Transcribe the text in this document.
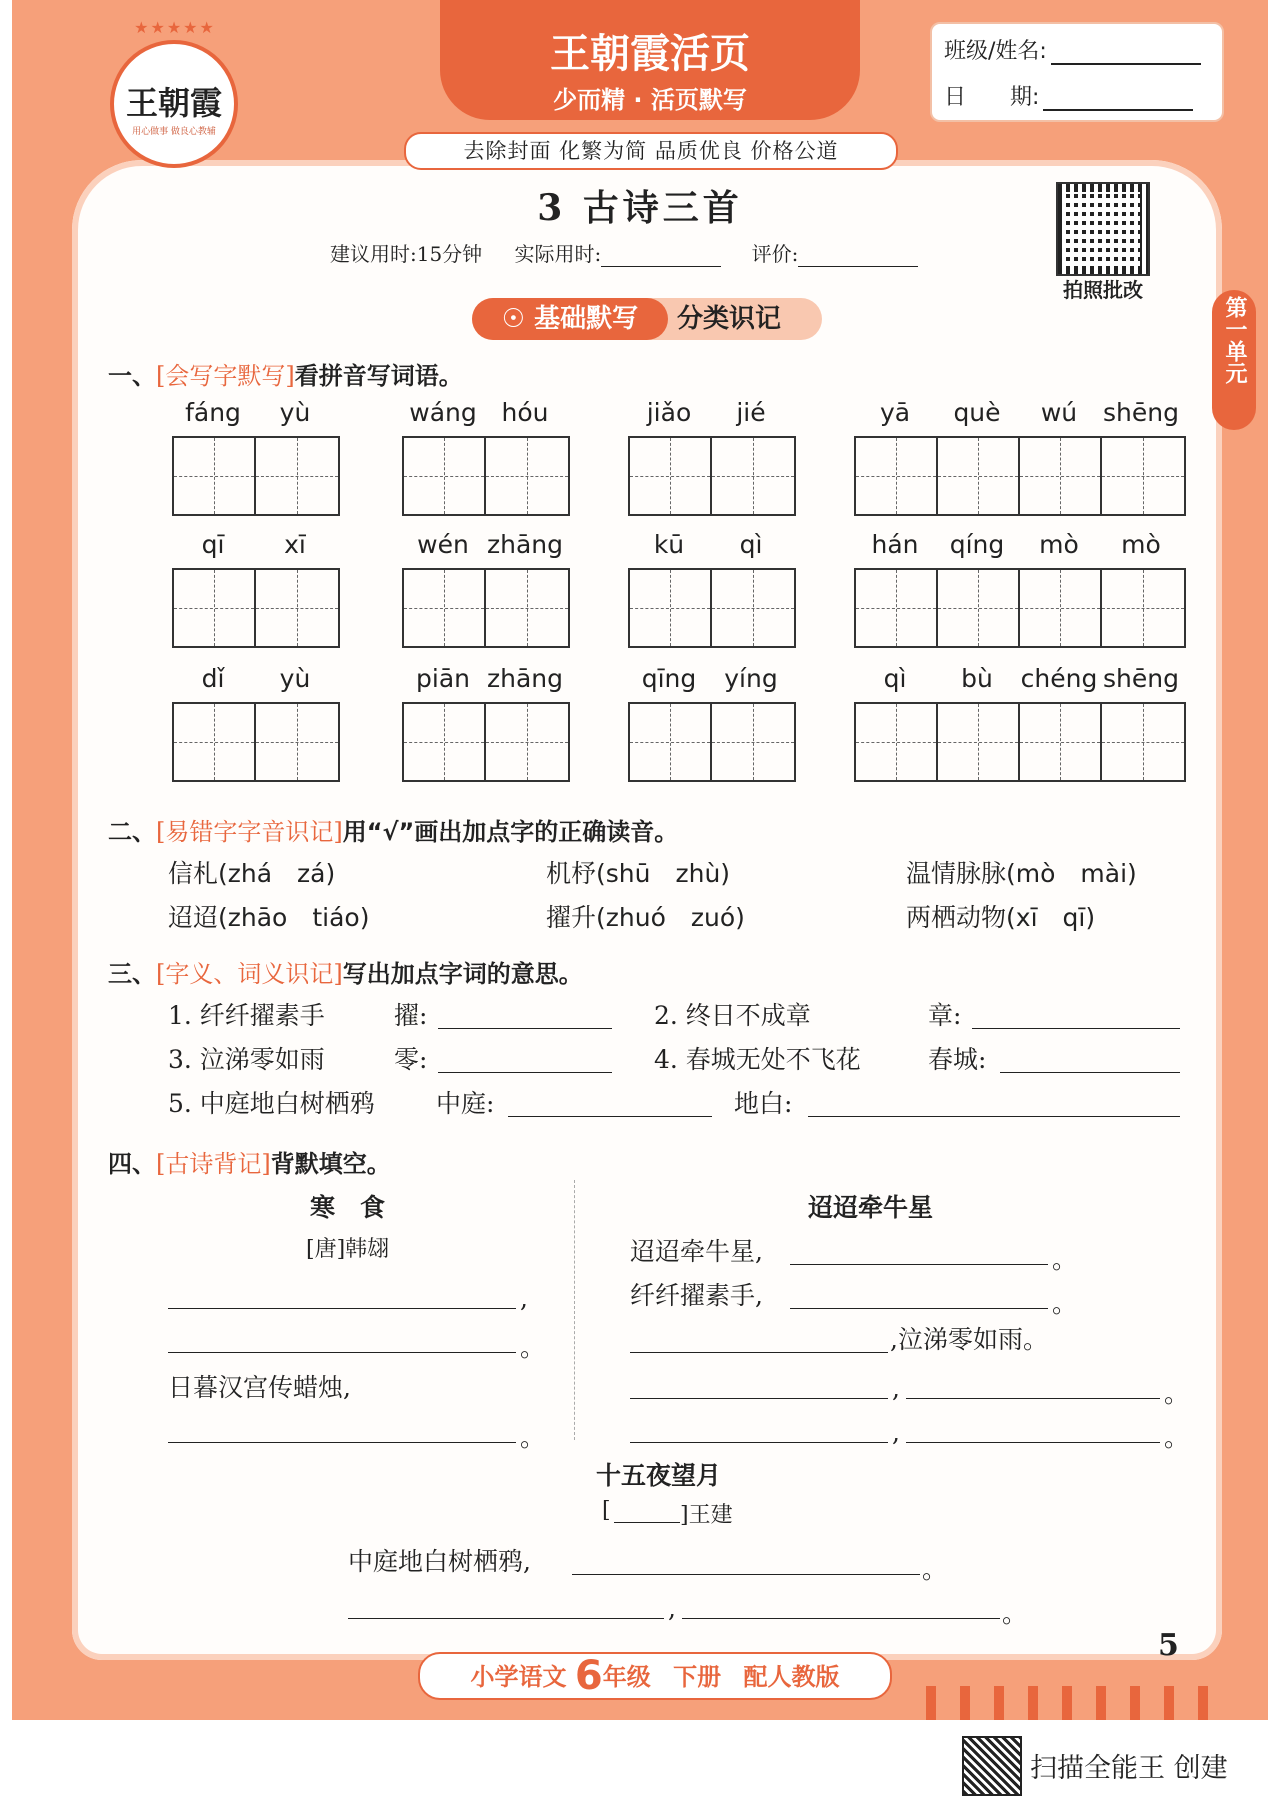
★★★★★
王朝霞
用心做事 做良心教辅
王朝霞活页
少而精 · 活页默写
去除封面 化繁为简 品质优良 价格公道
班级/姓名:
日　　期:
第一单元
3 古诗三首
建议用时:15分钟 实际用时:	评价:
拍照批改
☉ 基础默写	分类识记
一、[会写字默写]看拼音写词语。
fáng	yù	wáng hóu	jiǎo	jié	yā	què	wú	shēng
qī	xī	wén zhāng	kū	qì	hán	qíng	mò	mò
dǐ	yù	piān zhāng	qīng	yíng	qì	bù	chéng shēng
二、[易错字字音识记]用“√”画出加点字的正确读音。
信札(zhá　zá)	机杼(shū　zhù)	温情脉脉(mò　mài)
迢迢(zhāo　tiáo)	擢升(zhuó　zuó)	两栖动物(xī　qī)
三、[字义、词义识记]写出加点字词的意思。
1. 纤纤擢素手	擢:	2. 终日不成章	章:
3. 泣涕零如雨	零:	4. 春城无处不飞花	春城:
5. 中庭地白树栖鸦 中庭:	地白:
四、[古诗背记]背默填空。
寒　食
[唐]韩翃
,
。
日暮汉宫传蜡烛,
。
迢迢牵牛星
迢迢牵牛星,	。
纤纤擢素手,	。
,泣涕零如雨。
,	。
,	。
十五夜望月
[	]王建
中庭地白树栖鸦,	。
,	。
小学语文 6年级 下册 配人教版
5
扫描全能王 创建
